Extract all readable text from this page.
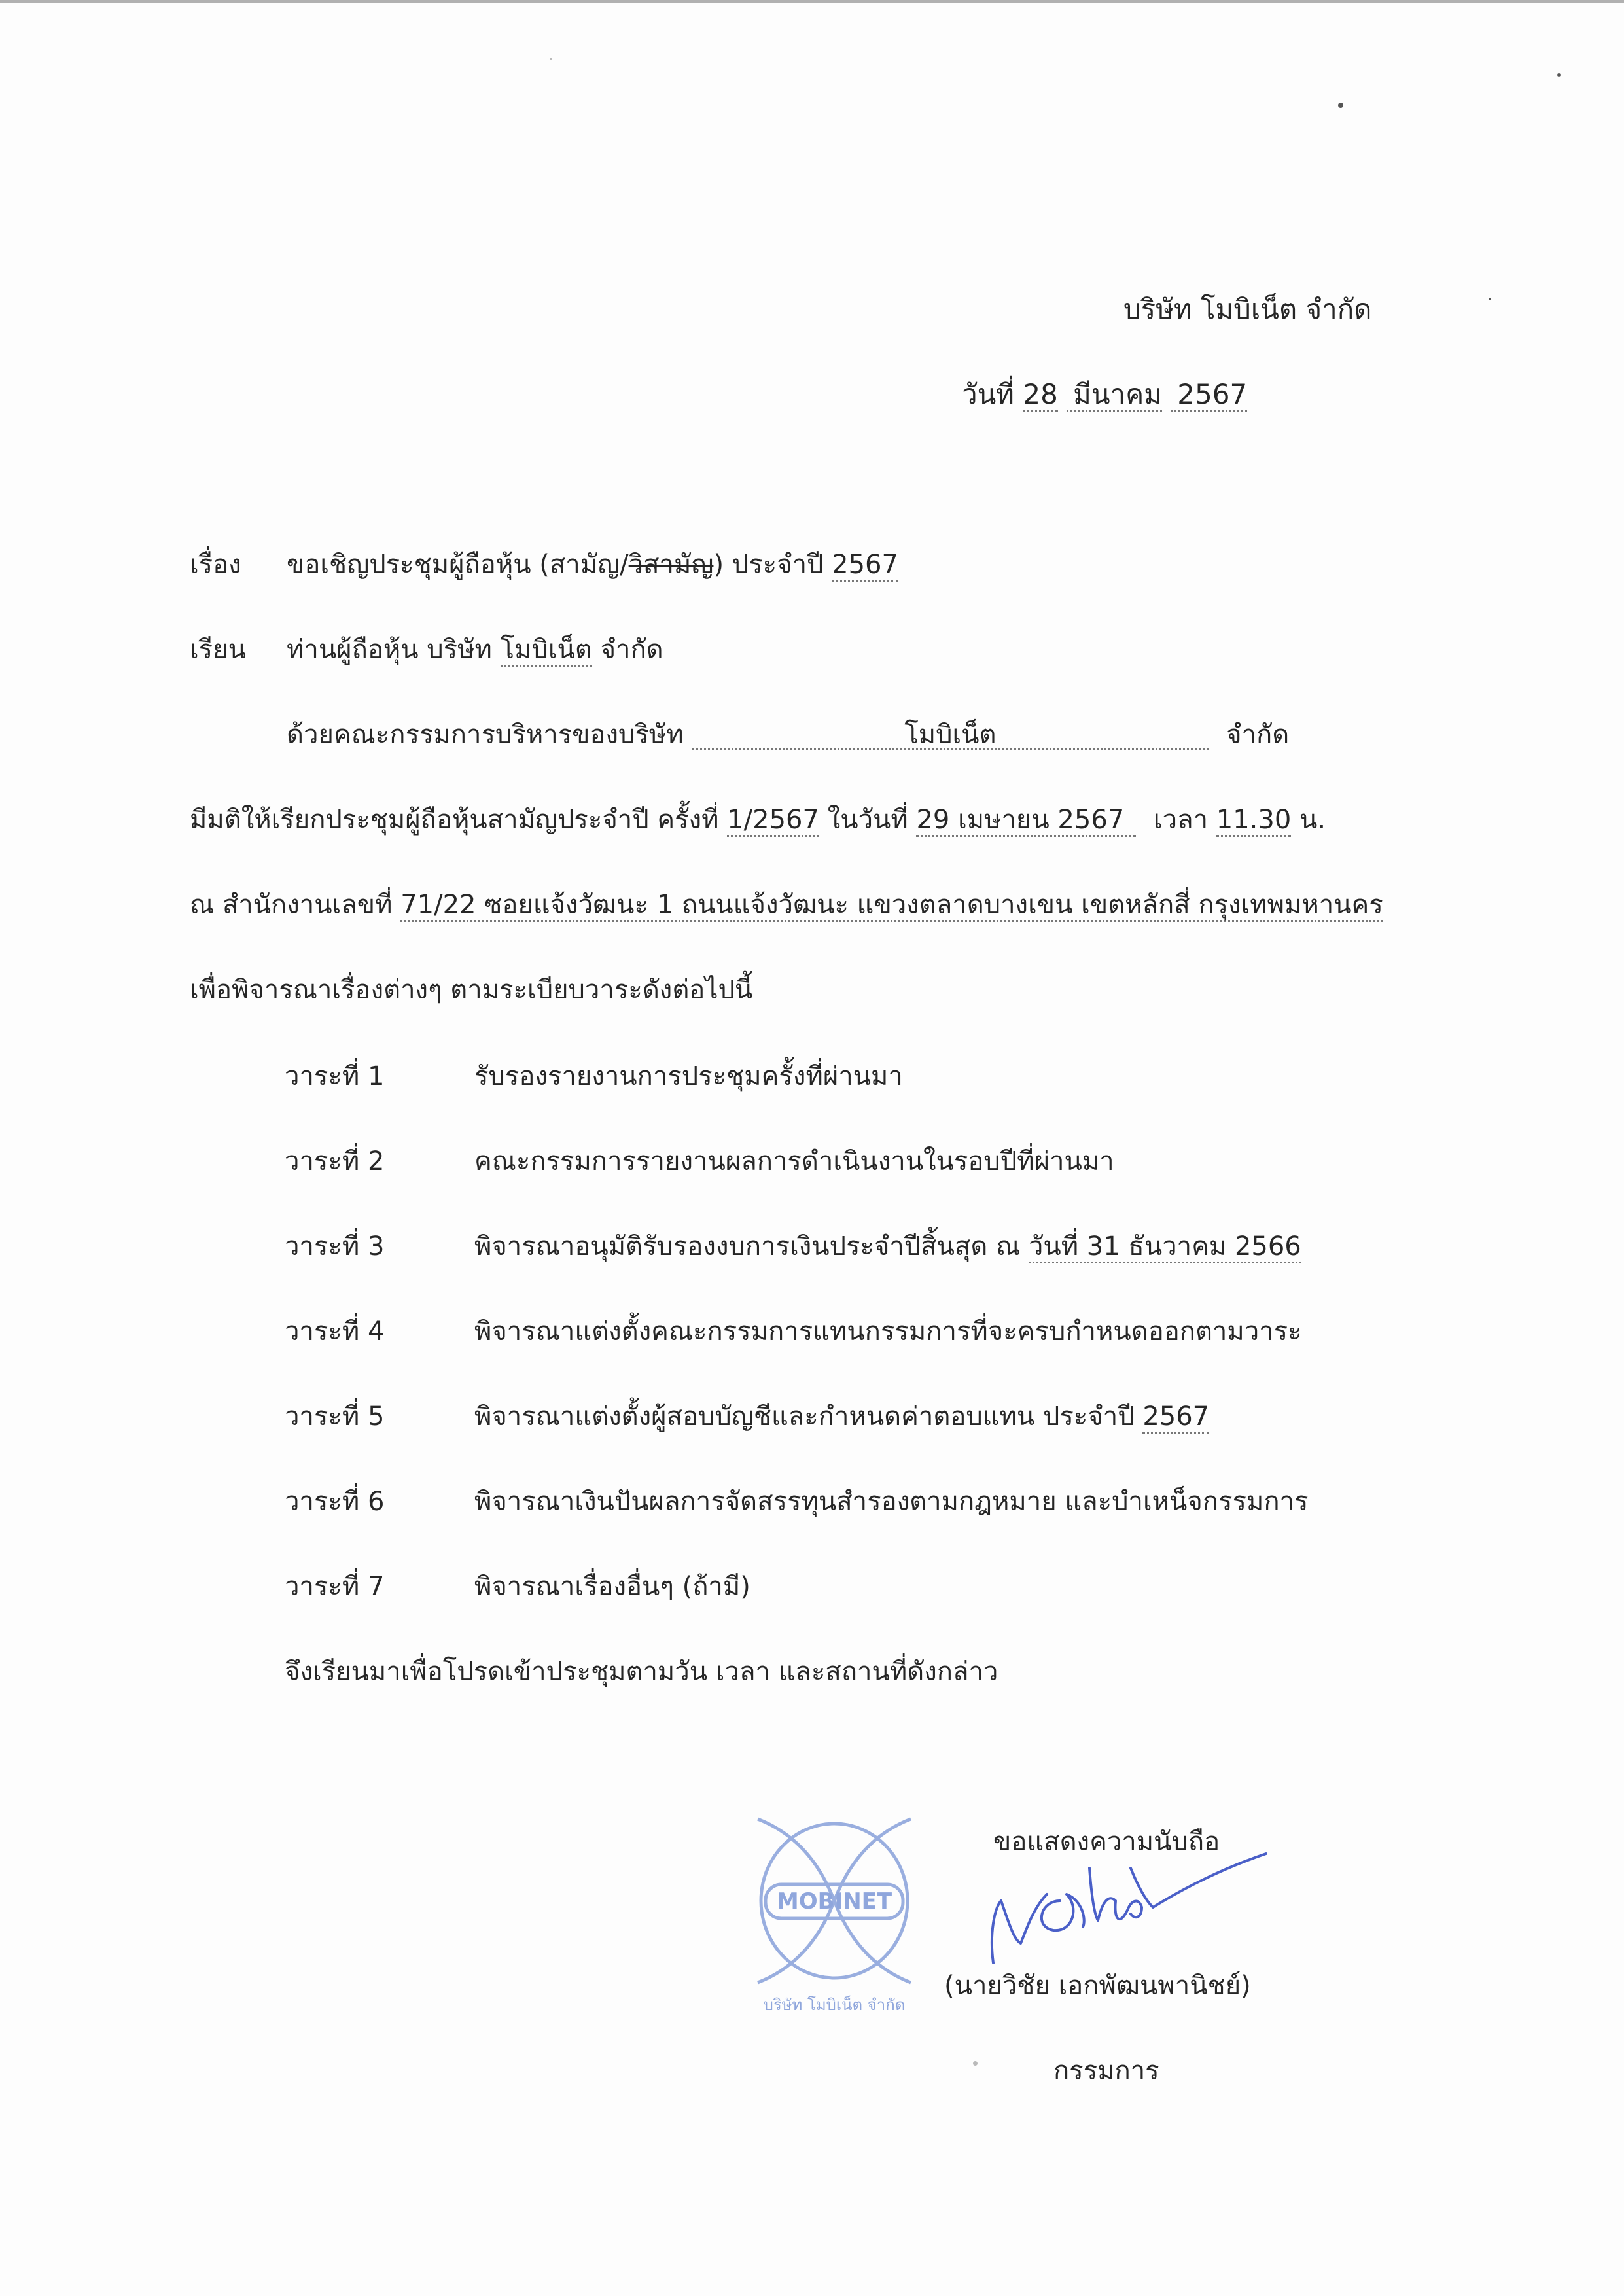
บริษัท โมบิเน็ต จำกัด
วันที่ 28 มีนาคม 2567
เรื่อง ขอเชิญประชุมผู้ถือหุ้น (สามัญ/วิสามัญ) ประจำปี 2567
เรียน ท่านผู้ถือหุ้น บริษัท โมบิเน็ต จำกัด
ด้วยคณะกรรมการบริหารของบริษัท	โมบิเน็ต	จำกัด
มีมติให้เรียกประชุมผู้ถือหุ้นสามัญประจำปี ครั้งที่ 1/2567 ในวันที่ 29 เมษายน 2567 เวลา 11.30 น.
ณ สำนักงานเลขที่ 71/22 ซอยแจ้งวัฒนะ 1 ถนนแจ้งวัฒนะ แขวงตลาดบางเขน เขตหลักสี่ กรุงเทพมหานคร
เพื่อพิจารณาเรื่องต่างๆ ตามระเบียบวาระดังต่อไปนี้
วาระที่ 1	รับรองรายงานการประชุมครั้งที่ผ่านมา
วาระที่ 2	คณะกรรมการรายงานผลการดำเนินงานในรอบปีที่ผ่านมา
วาระที่ 3	พิจารณาอนุมัติรับรองงบการเงินประจำปีสิ้นสุด ณ วันที่ 31 ธันวาคม 2566
วาระที่ 4	พิจารณาแต่งตั้งคณะกรรมการแทนกรรมการที่จะครบกำหนดออกตามวาระ
วาระที่ 5	พิจารณาแต่งตั้งผู้สอบบัญชีและกำหนดค่าตอบแทน ประจำปี 2567
วาระที่ 6	พิจารณาเงินปันผลการจัดสรรทุนสำรองตามกฎหมาย และบำเหน็จกรรมการ
วาระที่ 7	พิจารณาเรื่องอื่นๆ (ถ้ามี)
จึงเรียนมาเพื่อโปรดเข้าประชุมตามวัน เวลา และสถานที่ดังกล่าว
MOBINET
บริษัท โมบิเน็ต จำกัด
ขอแสดงความนับถือ
(นายวิชัย เอกพัฒนพานิชย์)
กรรมการ
